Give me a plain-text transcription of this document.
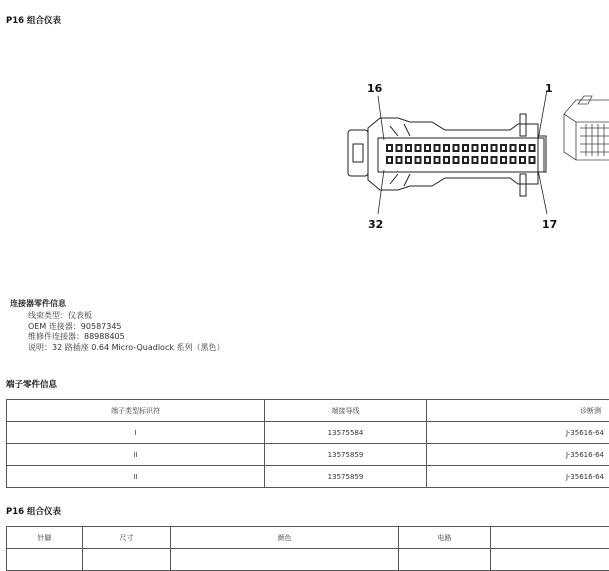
P16 组合仪表
16	1
32	17
连接器零件信息
线束类型：仪表板
OEM 连接器：90587345
维修件连接器：88988405
说明：32 路插座 0.64 Micro-Quadlock 系列（黑色）
端子零件信息
端子类型标识符	端接导线	诊断测
I	13575584	J-35616-64
II	13575859	J-35616-64
II	13575859	J-35616-64
P16 组合仪表
针脚	尺寸	颜色	电路	
